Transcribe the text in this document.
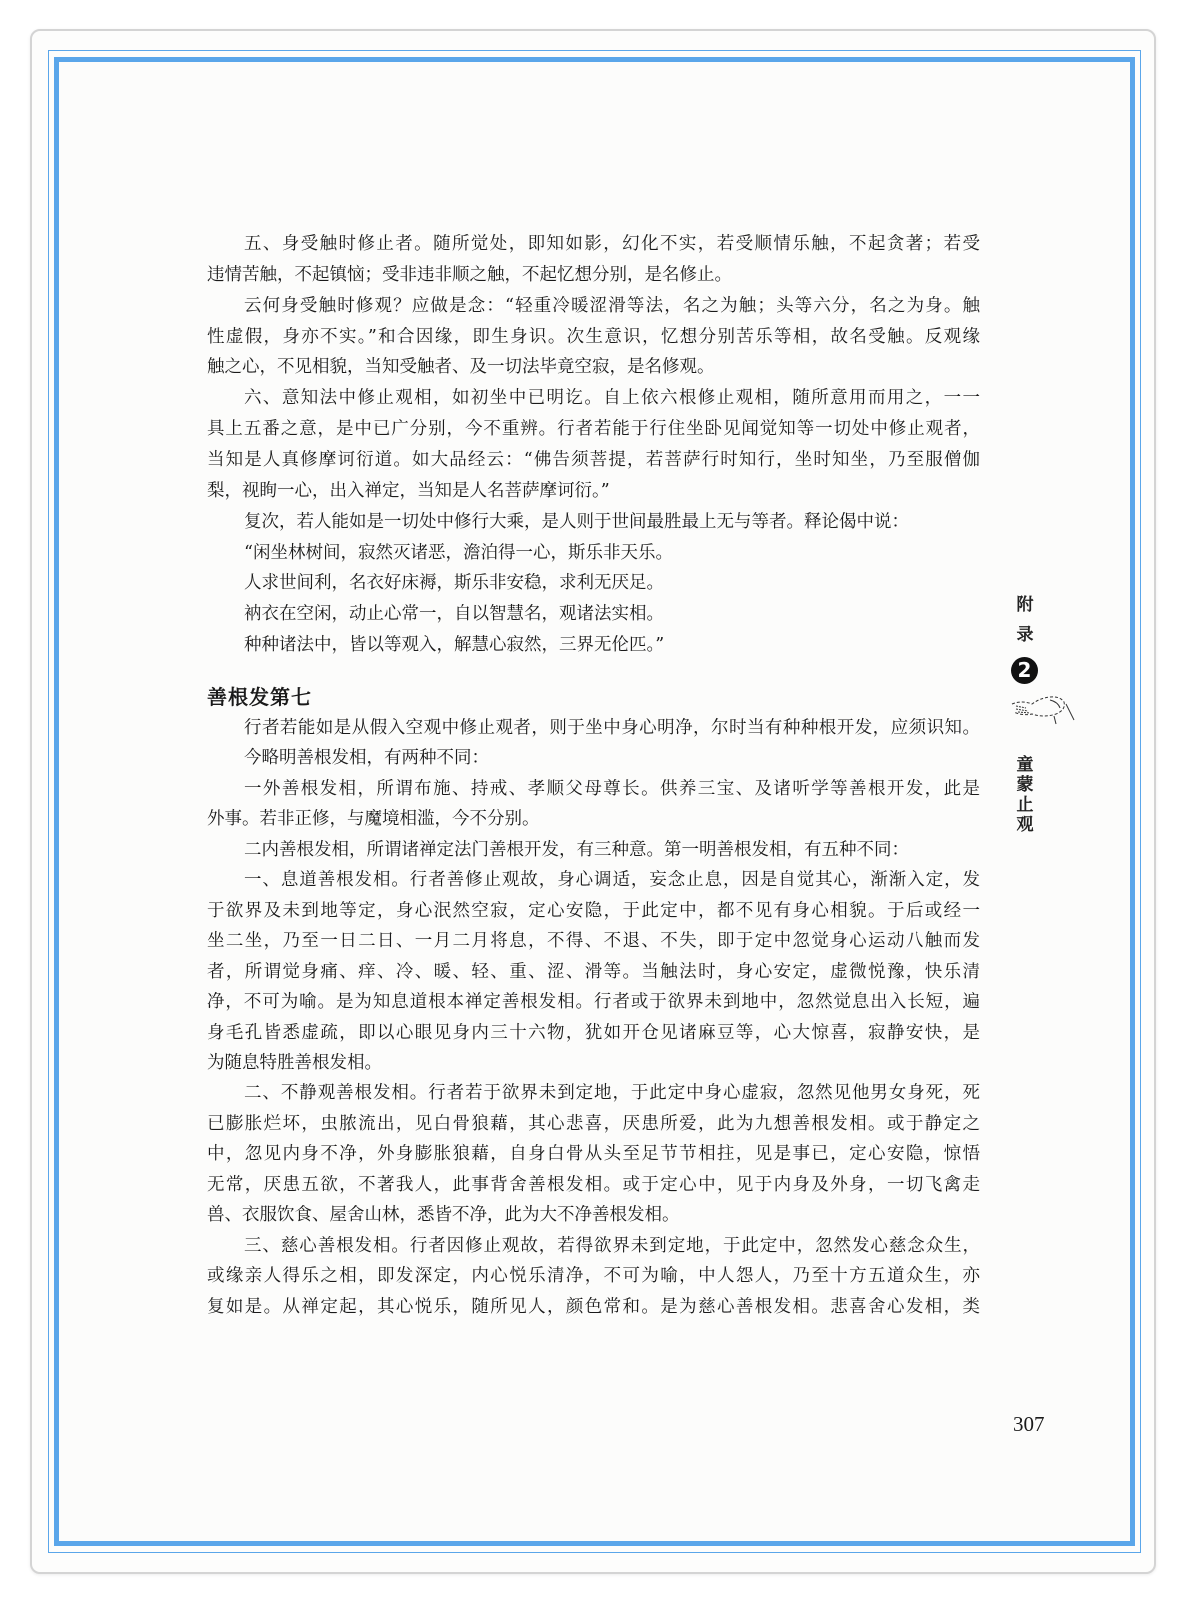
五、身受触时修止者。随所觉处，即知如影，幻化不实，若受顺情乐触，不起贪著；若受
违情苦触，不起镇恼；受非违非顺之触，不起忆想分别，是名修止。
云何身受触时修观？应做是念：“轻重冷暖涩滑等法，名之为触；头等六分，名之为身。触
性虚假，身亦不实。”和合因缘，即生身识。次生意识，忆想分别苦乐等相，故名受触。反观缘
触之心，不见相貌，当知受触者、及一切法毕竟空寂，是名修观。
六、意知法中修止观相，如初坐中已明讫。自上依六根修止观相，随所意用而用之，一一
具上五番之意，是中已广分别，今不重辨。行者若能于行住坐卧见闻觉知等一切处中修止观者，
当知是人真修摩诃衍道。如大品经云：“佛告须菩提，若菩萨行时知行，坐时知坐，乃至服僧伽
梨，视眴一心，出入禅定，当知是人名菩萨摩诃衍。”
复次，若人能如是一切处中修行大乘，是人则于世间最胜最上无与等者。释论偈中说：
“闲坐林树间，寂然灭诸恶，澹泊得一心，斯乐非天乐。
人求世间利，名衣好床褥，斯乐非安稳，求利无厌足。
衲衣在空闲，动止心常一，自以智慧名，观诸法实相。
种种诸法中，皆以等观入，解慧心寂然，三界无伦匹。”
善根发第七
行者若能如是从假入空观中修止观者，则于坐中身心明净，尔时当有种种根开发，应须识知。
今略明善根发相，有两种不同：
一外善根发相，所谓布施、持戒、孝顺父母尊长。供养三宝、及诸听学等善根开发，此是
外事。若非正修，与魔境相滥，今不分别。
二内善根发相，所谓诸禅定法门善根开发，有三种意。第一明善根发相，有五种不同：
一、息道善根发相。行者善修止观故，身心调适，妄念止息，因是自觉其心，渐渐入定，发
于欲界及未到地等定，身心泯然空寂，定心安隐，于此定中，都不见有身心相貌。于后或经一
坐二坐，乃至一日二日、一月二月将息，不得、不退、不失，即于定中忽觉身心运动八触而发
者，所谓觉身痛、痒、冷、暖、轻、重、涩、滑等。当触法时，身心安定，虚微悦豫，快乐清
净，不可为喻。是为知息道根本禅定善根发相。行者或于欲界未到地中，忽然觉息出入长短，遍
身毛孔皆悉虚疏，即以心眼见身内三十六物，犹如开仓见诸麻豆等，心大惊喜，寂静安快，是
为随息特胜善根发相。
二、不静观善根发相。行者若于欲界未到定地，于此定中身心虚寂，忽然见他男女身死，死
已膨胀烂坏，虫脓流出，见白骨狼藉，其心悲喜，厌患所爱，此为九想善根发相。或于静定之
中，忽见内身不净，外身膨胀狼藉，自身白骨从头至足节节相拄，见是事已，定心安隐，惊悟
无常，厌患五欲，不著我人，此事背舍善根发相。或于定心中，见于内身及外身，一切飞禽走
兽、衣服饮食、屋舍山林，悉皆不净，此为大不净善根发相。
三、慈心善根发相。行者因修止观故，若得欲界未到定地，于此定中，忽然发心慈念众生，
或缘亲人得乐之相，即发深定，内心悦乐清净，不可为喻，中人怨人，乃至十方五道众生，亦
复如是。从禅定起，其心悦乐，随所见人，颜色常和。是为慈心善根发相。悲喜舍心发相，类
附
录
2
童
蒙
止
观
307
